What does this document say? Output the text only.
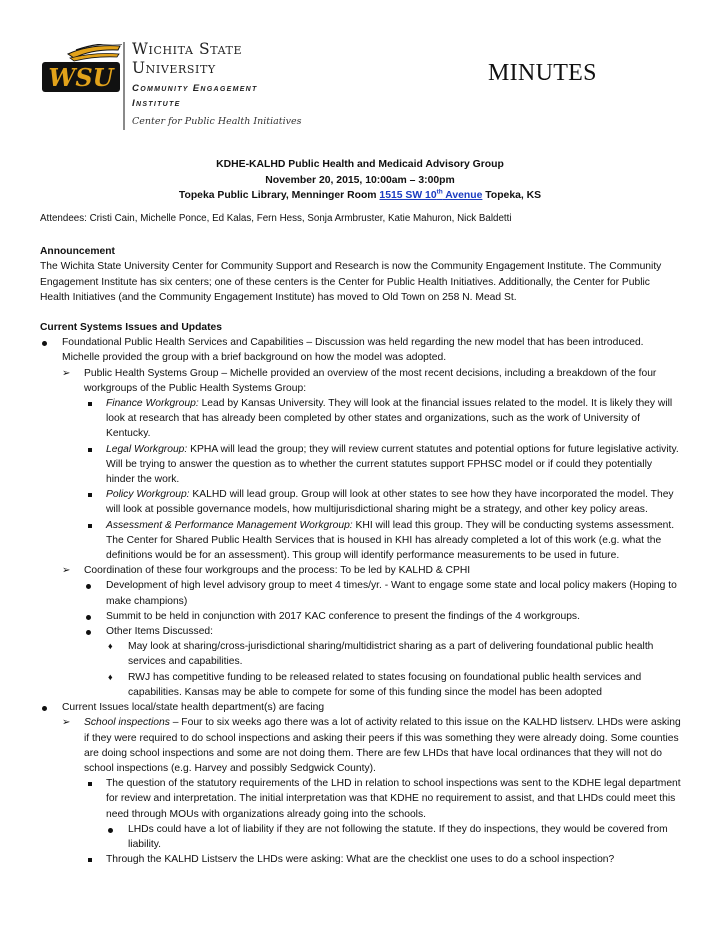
WSU
Wichita State
University
Community Engagement
Institute
Center for Public Health Initiatives
MINUTES
KDHE-KALHD Public Health and Medicaid Advisory Group
November 20, 2015, 10:00am – 3:00pm
Topeka Public Library, Menninger Room 1515 SW 10th Avenue Topeka, KS

Attendees: Cristi Cain, Michelle Ponce, Ed Kalas, Fern Hess, Sonja Armbruster, Katie Mahuron, Nick Baldetti

Announcement

The Wichita State University Center for Community Support and Research is now the Community Engagement Institute. The Community Engagement Institute has six centers; one of these centers is the Center for Public Health Initiatives. Additionally, the Center for Public Health Initiatives (and the Community Engagement Institute) has moved to Old Town on 258 N. Mead St.

Current Systems Issues and Updates

Foundational Public Health Services and Capabilities – Discussion was held regarding the new model that has been introduced. Michelle provided the group with a brief background on how the model was adopted.
➢ Public Health Systems Group – Michelle provided an overview of the most recent decisions, including a breakdown of the four workgroups of the Public Health Systems Group:
Finance Workgroup: Lead by Kansas University. They will look at the financial issues related to the model. It is likely they will look at research that has already been completed by other states and organizations, such as the work of University of Kentucky.
Legal Workgroup: KPHA will lead the group; they will review current statutes and potential options for future legislative activity. Will be trying to answer the question as to whether the current statutes support FPHSC model or if could they potentially hinder the work.
Policy Workgroup: KALHD will lead group. Group will look at other states to see how they have incorporated the model. They will look at possible governance models, how multijurisdictional sharing might be a strategy, and other key policy areas.
Assessment & Performance Management Workgroup: KHI will lead this group. They will be conducting systems assessment. The Center for Shared Public Health Services that is housed in KHI has already completed a lot of this work (e.g. what the definitions would be for an assessment). This group will identify performance measurements to be used in future.
➢ Coordination of these four workgroups and the process: To be led by KALHD & CPHI
Development of high level advisory group to meet 4 times/yr. - Want to engage some state and local policy makers (Hoping to make champions)
Summit to be held in conjunction with 2017 KAC conference to present the findings of the 4 workgroups.
Other Items Discussed:
♦ May look at sharing/cross-jurisdictional sharing/multidistrict sharing as a part of delivering foundational public health services and capabilities.
♦ RWJ has competitive funding to be released related to states focusing on foundational public health services and capabilities. Kansas may be able to compete for some of this funding since the model has been adopted
Current Issues local/state health department(s) are facing
➢ School inspections – Four to six weeks ago there was a lot of activity related to this issue on the KALHD listserv. LHDs were asking if they were required to do school inspections and asking their peers if this was something they were already doing. Some counties are doing school inspections and some are not doing them. There are few LHDs that have local ordinances that they will not do school inspections (e.g. Harvey and possibly Sedgwick County).
The question of the statutory requirements of the LHD in relation to school inspections was sent to the KDHE legal department for review and interpretation. The initial interpretation was that KDHE no requirement to assist, and that LHDs could meet this need through MOUs with organizations already going into the schools.
LHDs could have a lot of liability if they are not following the statute. If they do inspections, they would be covered from liability.
Through the KALHD Listserv the LHDs were asking: What are the checklist one uses to do a school inspection?
